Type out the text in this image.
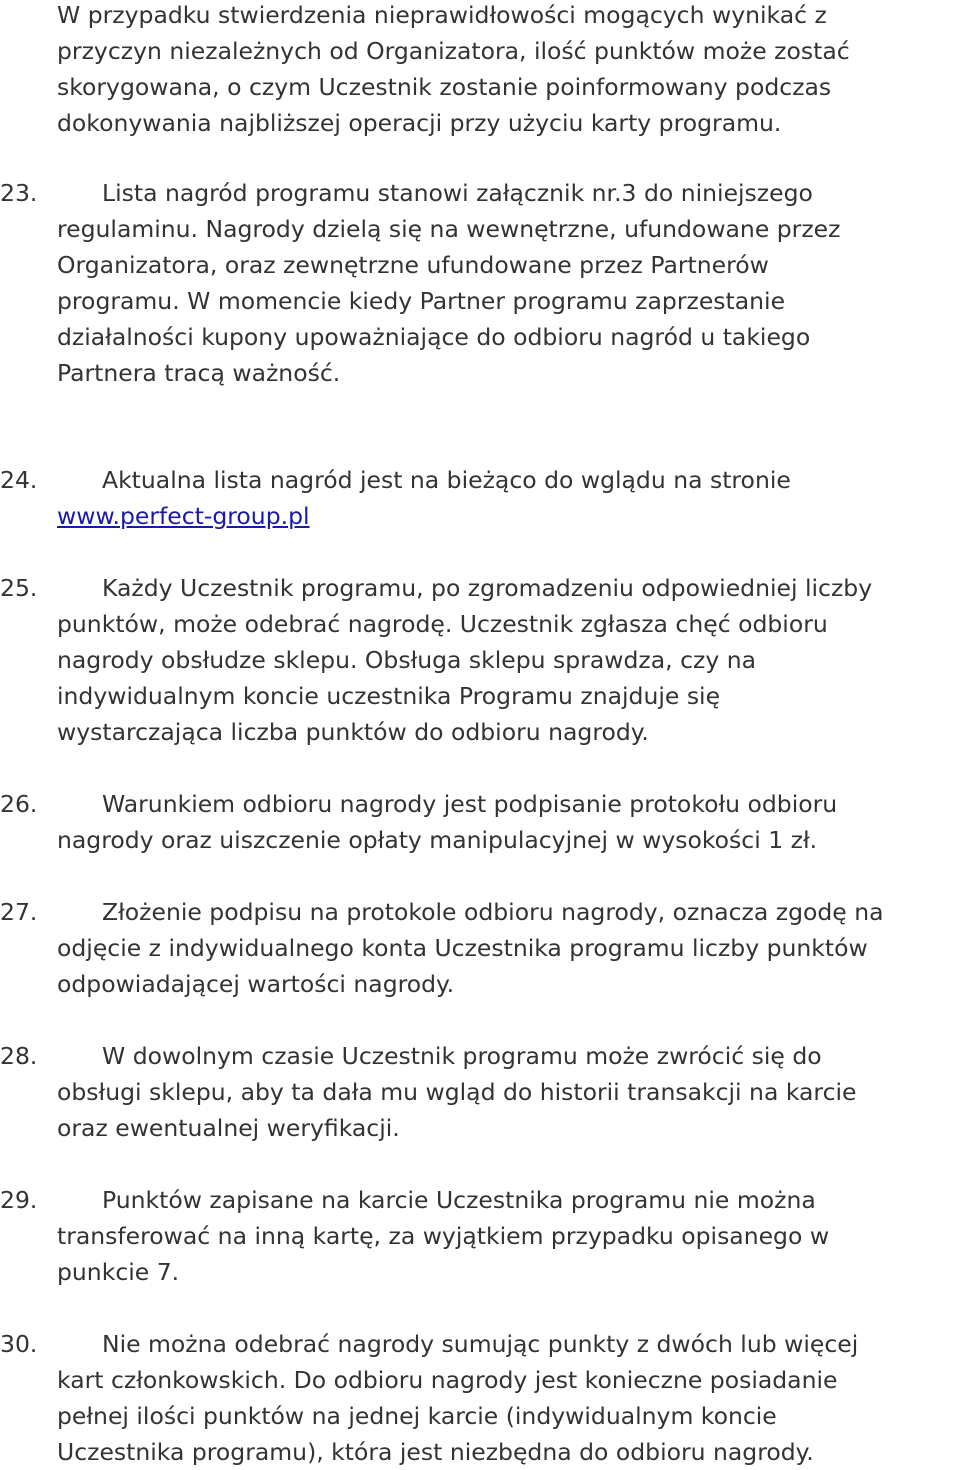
W przypadku stwierdzenia nieprawidłowości mogących wynikać z
przyczyn niezależnych od Organizatora, ilość punktów może zostać
skorygowana, o czym Uczestnik zostanie poinformowany podczas
dokonywania najbliższej operacji przy użyciu karty programu.
23.	Lista nagród programu stanowi załącznik nr.3 do niniejszego
regulaminu. Nagrody dzielą się na wewnętrzne, ufundowane przez
Organizatora, oraz zewnętrzne ufundowane przez Partnerów
programu. W momencie kiedy Partner programu zaprzestanie
działalności kupony upoważniające do odbioru nagród u takiego
Partnera tracą ważność.
24.	Aktualna lista nagród jest na bieżąco do wglądu na stronie
www.perfect-group.pl
25.	Każdy Uczestnik programu, po zgromadzeniu odpowiedniej liczby
punktów, może odebrać nagrodę. Uczestnik zgłasza chęć odbioru
nagrody obsłudze sklepu. Obsługa sklepu sprawdza, czy na
indywidualnym koncie uczestnika Programu znajduje się
wystarczająca liczba punktów do odbioru nagrody.
26.	Warunkiem odbioru nagrody jest podpisanie protokołu odbioru
nagrody oraz uiszczenie opłaty manipulacyjnej w wysokości 1 zł.
27.	Złożenie podpisu na protokole odbioru nagrody, oznacza zgodę na
odjęcie z indywidualnego konta Uczestnika programu liczby punktów
odpowiadającej wartości nagrody.
28.	W dowolnym czasie Uczestnik programu może zwrócić się do
obsługi sklepu, aby ta dała mu wgląd do historii transakcji na karcie
oraz ewentualnej weryfikacji.
29.	Punktów zapisane na karcie Uczestnika programu nie można
transferować na inną kartę, za wyjątkiem przypadku opisanego w
punkcie 7.
30.	Nie można odebrać nagrody sumując punkty z dwóch lub więcej
kart członkowskich. Do odbioru nagrody jest konieczne posiadanie
pełnej ilości punktów na jednej karcie (indywidualnym koncie
Uczestnika programu), która jest niezbędna do odbioru nagrody.
